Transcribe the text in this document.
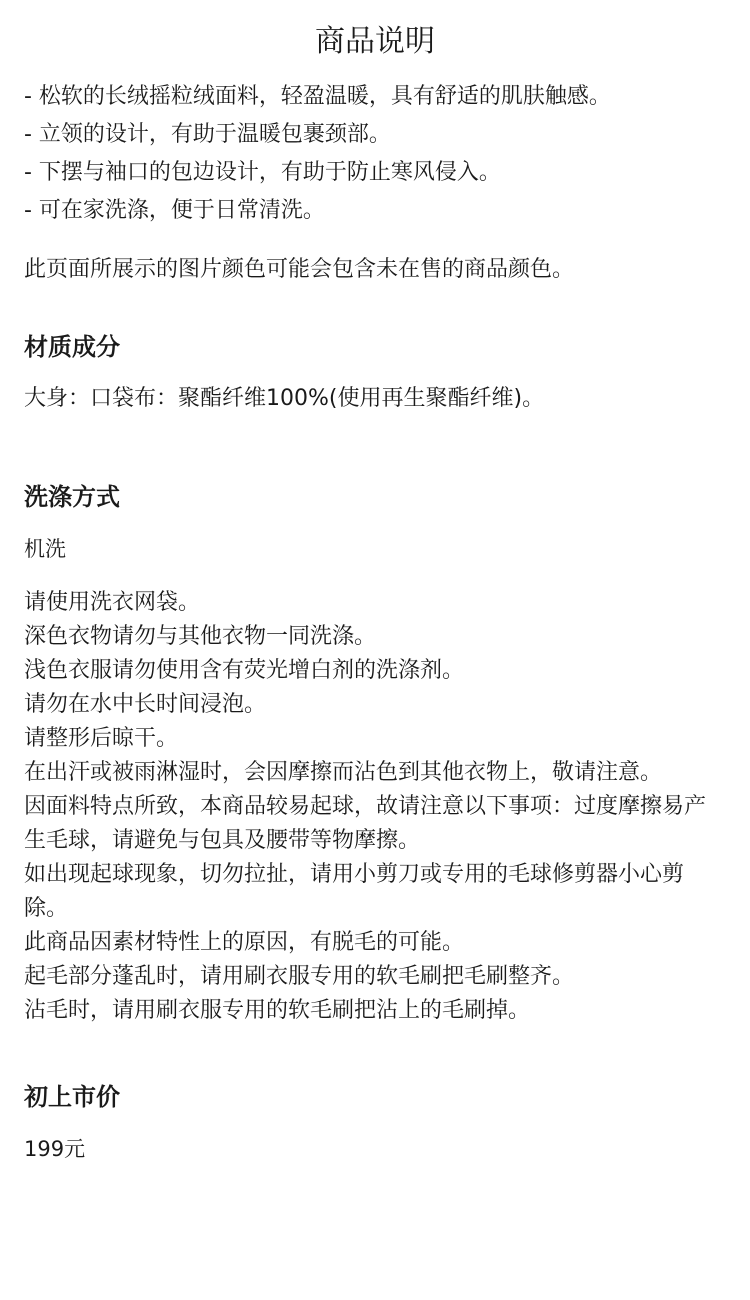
商品说明
- 松软的长绒摇粒绒面料，轻盈温暖，具有舒适的肌肤触感。
- 立领的设计，有助于温暖包裹颈部。
- 下摆与袖口的包边设计，有助于防止寒风侵入。
- 可在家洗涤，便于日常清洗。

此页面所展示的图片颜色可能会包含未在售的商品颜色。

材质成分

大身：口袋布：聚酯纤维100%(使用再生聚酯纤维)。

洗涤方式

机洗

请使用洗衣网袋。
深色衣物请勿与其他衣物一同洗涤。
浅色衣服请勿使用含有荧光增白剂的洗涤剂。
请勿在水中长时间浸泡。
请整形后晾干。
在出汗或被雨淋湿时，会因摩擦而沾色到其他衣物上，敬请注意。
因面料特点所致，本商品较易起球，故请注意以下事项：过度摩擦易产生毛球，请避免与包具及腰带等物摩擦。
如出现起球现象，切勿拉扯，请用小剪刀或专用的毛球修剪器小心剪除。
此商品因素材特性上的原因，有脱毛的可能。
起毛部分蓬乱时，请用刷衣服专用的软毛刷把毛刷整齐。
沾毛时，请用刷衣服专用的软毛刷把沾上的毛刷掉。
初上市价

199元
